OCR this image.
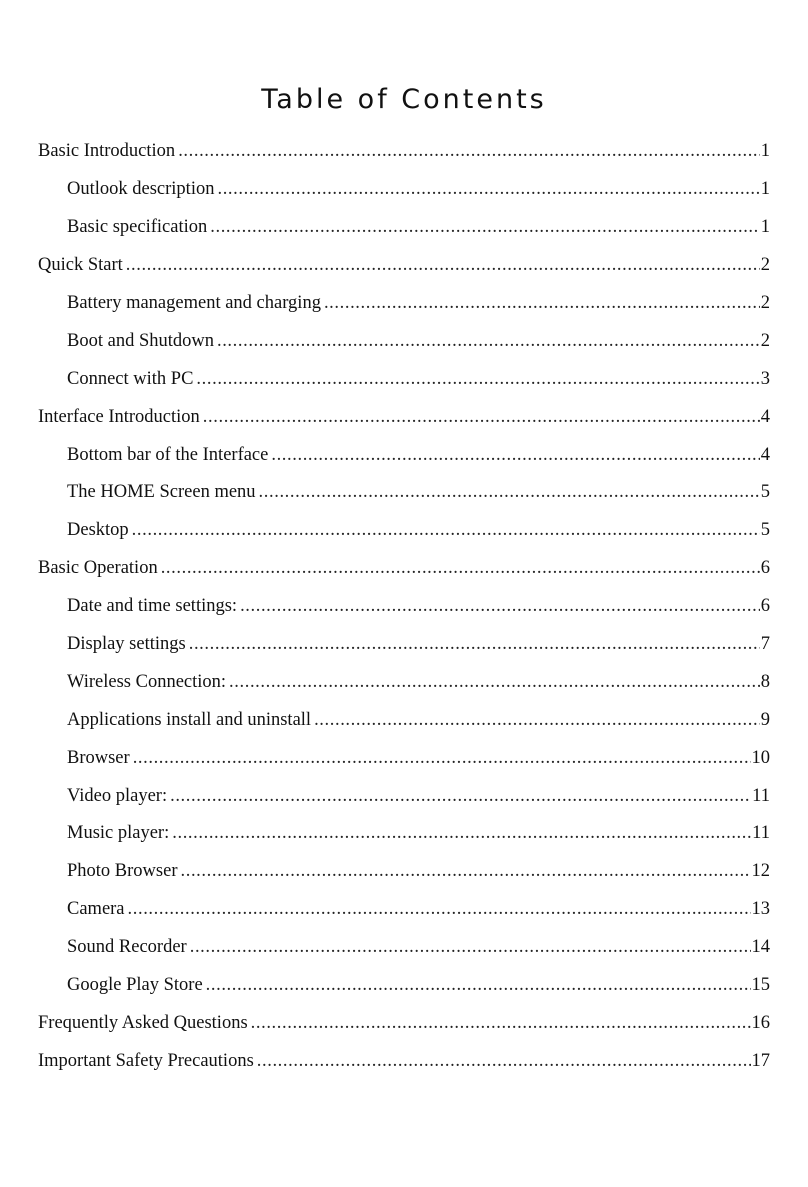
Table of Contents
Basic Introduction .....	1
Outlook description .....	1
Basic specification .....	1
Quick Start .....	2
Battery management and charging .....	2
Boot and Shutdown .....	2
Connect with PC .....	3
Interface Introduction .....	4
Bottom bar of the Interface .....	4
The HOME Screen menu .....	5
Desktop .....	5
Basic Operation .....	6
Date and time settings: .....	6
Display settings .....	7
Wireless Connection: .....	8
Applications install and uninstall .....	9
Browser .....	10
Video player: .....	11
Music player: .....	11
Photo Browser .....	12
Camera .....	13
Sound Recorder .....	14
Google Play Store .....	15
Frequently Asked Questions .....	16
Important Safety Precautions .....	17
